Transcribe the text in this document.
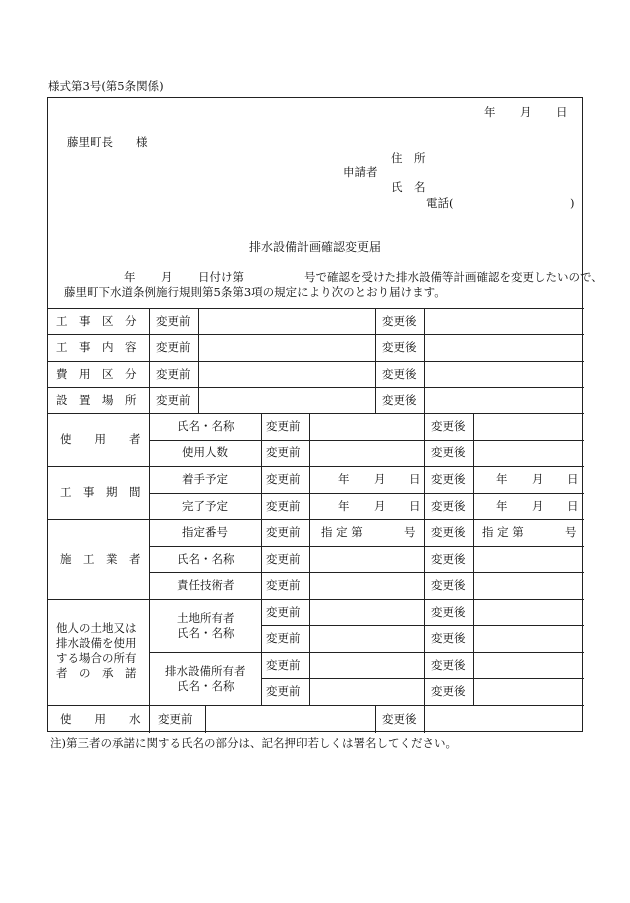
様式第3号(第5条関係)
年 月 日
藤里町長　　様
住　所
申請者
氏　名
電話(	)
排水設備計画確認変更届
年 月 日付け第	号で確認を受けた排水設備等計画確認を変更したいので、
藤里町下水道条例施行規則第5条第3項の規定により次のとおり届けます。
工　事　区　分 変更前	変更後
工　事　内　容 変更前	変更後
費　用　区　分 変更前	変更後
設　置　場　所 変更前	変更後
使　　用　　者
氏名・名称	変更前	変更後
使用人数	変更前	変更後
工　事　期　間
着手予定	変更前	年 月 日 変更後	年 月 日
完了予定	変更前	年 月 日 変更後	年 月 日
施　工　業　者
指定番号	変更前 指 定 第	号 変更後 指 定 第	号
氏名・名称	変更前	変更後
責任技術者	変更前	変更後
他人の土地又は
排水設備を使用
する場合の所有
者　の　承　諾
土地所有者
氏名・名称
変更前	変更後
変更前	変更後
排水設備所有者
氏名・名称
変更前	変更後
変更前	変更後
使　　用　　水 変更前	変更後
注)第三者の承諾に関する氏名の部分は、記名押印若しくは署名してください。
